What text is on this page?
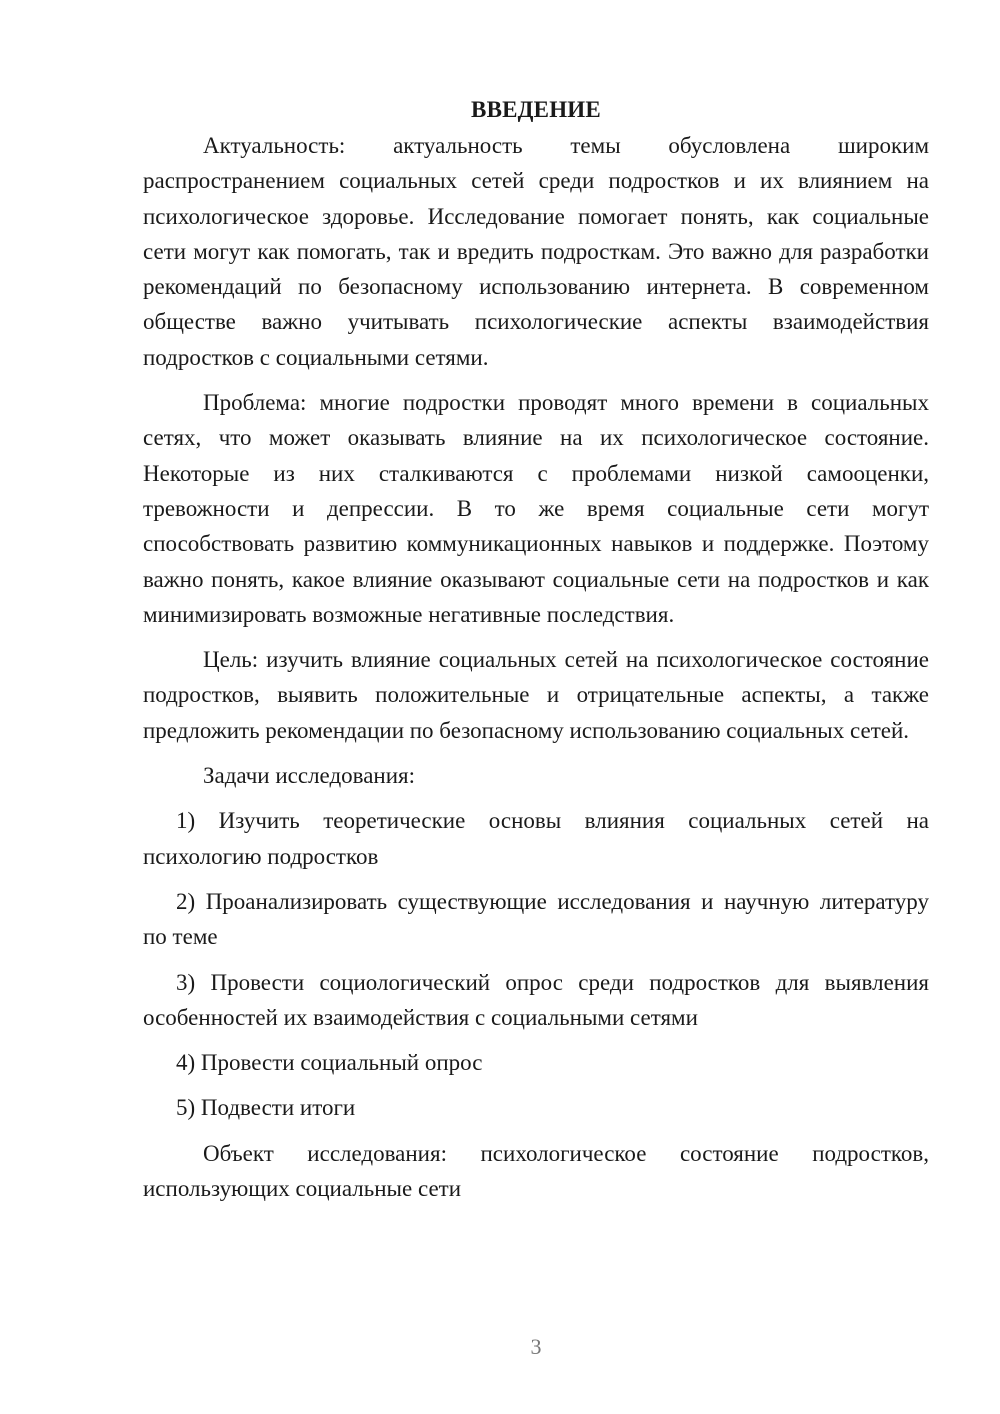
ВВЕДЕНИЕ

Актуальность: актуальность темы обусловлена широким распространением социальных сетей среди подростков и их влиянием на психологическое здоровье. Исследование помогает понять, как социальные сети могут как помогать, так и вредить подросткам. Это важно для разработки рекомендаций по безопасному использованию интернета. В современном обществе важно учитывать психологические аспекты взаимодействия подростков с социальными сетями.

Проблема: многие подростки проводят много времени в социальных сетях, что может оказывать влияние на их психологическое состояние. Некоторые из них сталкиваются с проблемами низкой самооценки, тревожности и депрессии. В то же время социальные сети могут способствовать развитию коммуникационных навыков и поддержке. Поэтому важно понять, какое влияние оказывают социальные сети на подростков и как минимизировать возможные негативные последствия.

Цель: изучить влияние социальных сетей на психологическое состояние подростков, выявить положительные и отрицательные аспекты, а также предложить рекомендации по безопасному использованию социальных сетей.

Задачи исследования:

1) Изучить теоретические основы влияния социальных сетей на психологию подростков

2) Проанализировать существующие исследования и научную литературу по теме

3) Провести социологический опрос среди подростков для выявления особенностей их взаимодействия с социальными сетями

4) Провести социальный опрос

5) Подвести итоги

Объект исследования: психологическое состояние подростков, использующих социальные сети

3
